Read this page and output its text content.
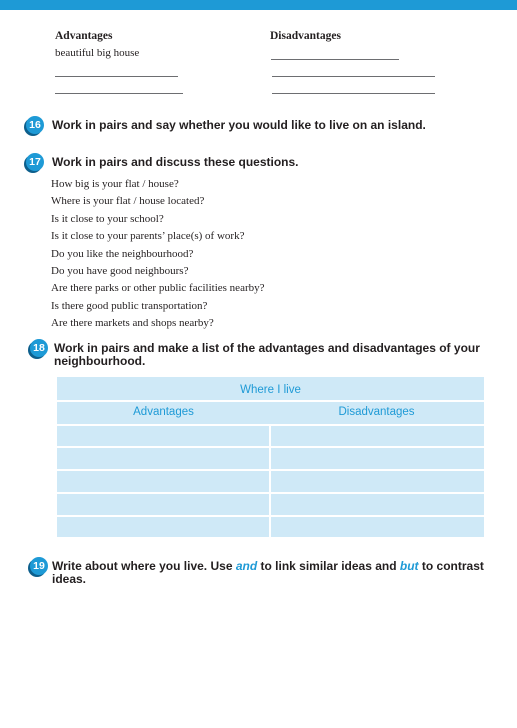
Advantages	Disadvantages
beautiful big house
16 Work in pairs and say whether you would like to live on an island.
17 Work in pairs and discuss these questions.
How big is your flat / house?
Where is your flat / house located?
Is it close to your school?
Is it close to your parents’ place(s) of work?
Do you like the neighbourhood?
Do you have good neighbours?
Are there parks or other public facilities nearby?
Is there good public transportation?
Are there markets and shops nearby?
18 Work in pairs and make a list of the advantages and disadvantages of your
neighbourhood.
Where I live
Advantages	Disadvantages
19 Write about where you live. Use and to link similar ideas and but to contrast
ideas.
